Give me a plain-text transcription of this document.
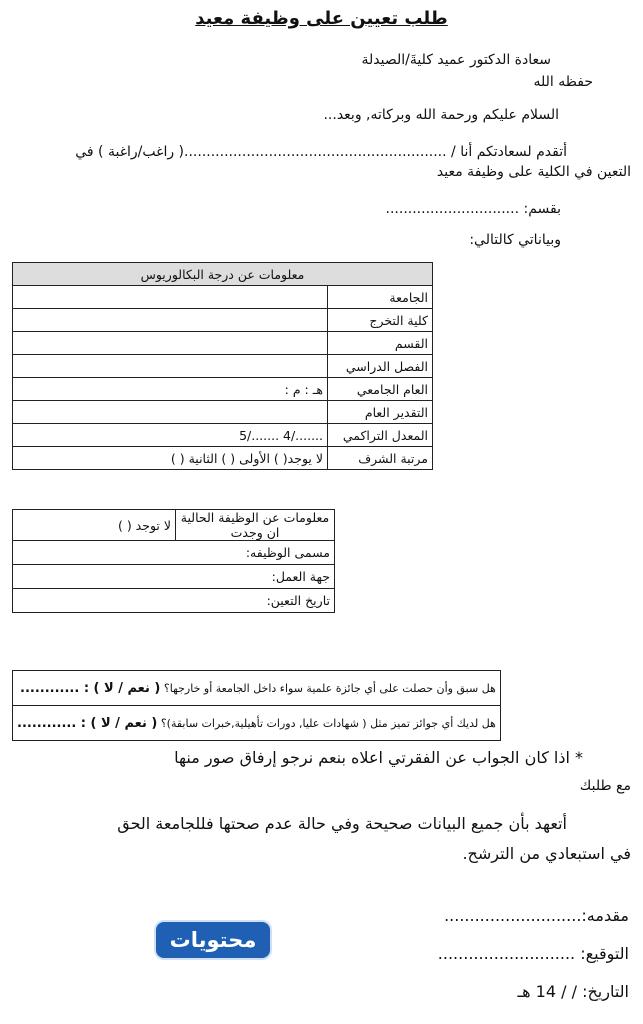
طلب تعيين على وظيفة معيد
سعادة الدكتور عميد كليةَ/الصيدلة
حفظه الله
السلام عليكم ورحمة الله وبركاته, وبعد...
أتقدم لسعادتكم أنا / ...........................................................( راغب/راغبة ) في
التعين في الكلية على وظيفة معيد
بقسم: ..............................
وبياناتي كالتالي:
معلومات عن درجة البكالوريوس	
الجامعة	
كلية التخرج	
القسم	
الفصل الدراسي	
العام الجامعي	هـ : م :
التقدير العام	
المعدل التراكمي	......./4 ......./5
مرتبة الشرف	لا يوجد( ) الأولى ( ) الثانية ( )
معلومات عن الوظيفة الحالية ان وجدت	لا توجد ( )
مسمى الوظيفه:
جهة العمل:
تاريخ التعين:
هل سبق وأن حصلت على أي جائزة علمية سواء داخل الجامعة أو خارجها؟ ( نعم / لا ) : ............
هل لديك أي جوائز تميز مثل ( شهادات عليا, دورات تأهيلية,خبرات سابقة)؟ ( نعم / لا ) : ............
* اذا كان الجواب عن الفقرتي اعلاه بنعم نرجو إرفاق صور منها
مع طلبك
أتعهد بأن جميع البيانات صحيحة وفي حالة عدم صحتها فللجامعة الحق
في استبعادي من الترشح.
محتويات
مقدمه:...........................
التوقيع: ...........................
التاريخ: / / 14 هـ
